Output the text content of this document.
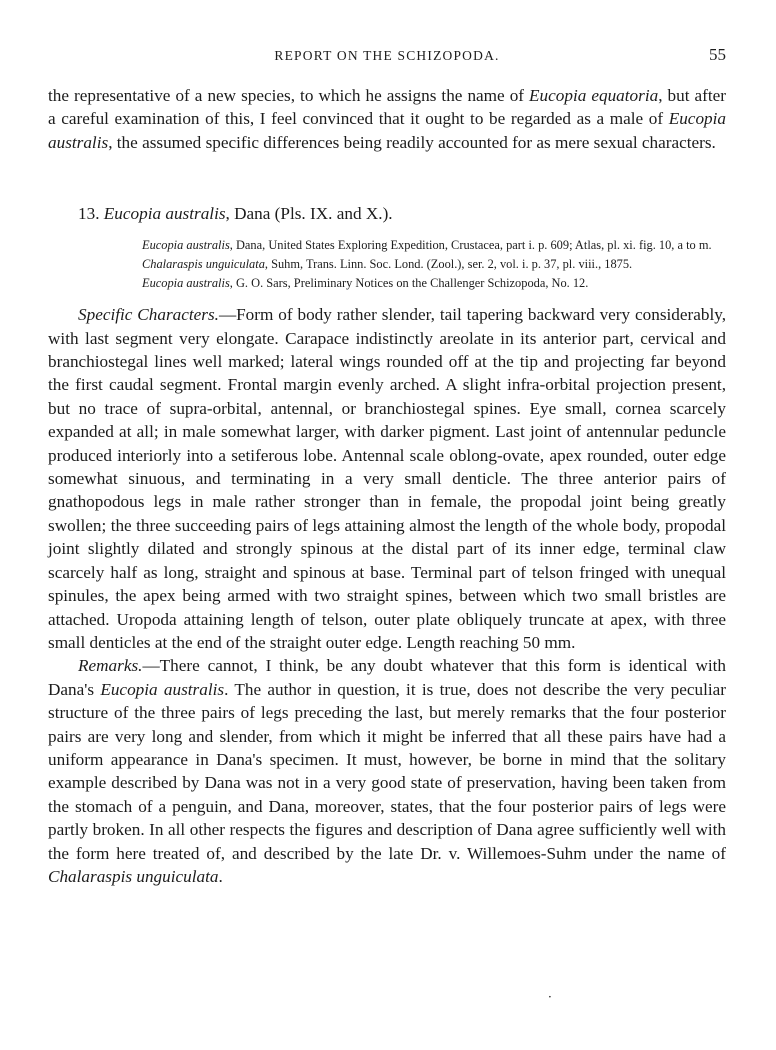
REPORT ON THE SCHIZOPODA.	55

the representative of a new species, to which he assigns the name of Eucopia equatoria, but after a careful examination of this, I feel convinced that it ought to be regarded as a male of Eucopia australis, the assumed specific differences being readily accounted for as mere sexual characters.

13. Eucopia australis, Dana (Pls. IX. and X.).
Eucopia australis, Dana, United States Exploring Expedition, Crustacea, part i. p. 609; Atlas, pl. xi. fig. 10, a to m.
Chalaraspis unguiculata, Suhm, Trans. Linn. Soc. Lond. (Zool.), ser. 2, vol. i. p. 37, pl. viii., 1875.
Eucopia australis, G. O. Sars, Preliminary Notices on the Challenger Schizopoda, No. 12.

Specific Characters.—Form of body rather slender, tail tapering backward very considerably, with last segment very elongate. Carapace indistinctly areolate in its anterior part, cervical and branchiostegal lines well marked; lateral wings rounded off at the tip and projecting far beyond the first caudal segment. Frontal margin evenly arched. A slight infra-orbital projection present, but no trace of supra-orbital, antennal, or branchiostegal spines. Eye small, cornea scarcely expanded at all; in male somewhat larger, with darker pigment. Last joint of antennular peduncle produced interiorly into a setiferous lobe. Antennal scale oblong-ovate, apex rounded, outer edge somewhat sinuous, and terminating in a very small denticle. The three anterior pairs of gnathopodous legs in male rather stronger than in female, the propodal joint being greatly swollen; the three succeeding pairs of legs attaining almost the length of the whole body, propodal joint slightly dilated and strongly spinous at the distal part of its inner edge, terminal claw scarcely half as long, straight and spinous at base. Terminal part of telson fringed with unequal spinules, the apex being armed with two straight spines, between which two small bristles are attached. Uropoda attaining length of telson, outer plate obliquely truncate at apex, with three small denticles at the end of the straight outer edge. Length reaching 50 mm.

Remarks.—There cannot, I think, be any doubt whatever that this form is identical with Dana's Eucopia australis. The author in question, it is true, does not describe the very peculiar structure of the three pairs of legs preceding the last, but merely remarks that the four posterior pairs are very long and slender, from which it might be inferred that all these pairs have had a uniform appearance in Dana's specimen. It must, however, be borne in mind that the solitary example described by Dana was not in a very good state of preservation, having been taken from the stomach of a penguin, and Dana, moreover, states, that the four posterior pairs of legs were partly broken. In all other respects the figures and description of Dana agree sufficiently well with the form here treated of, and described by the late Dr. v. Willemoes-Suhm under the name of Chalaraspis unguiculata.

·
